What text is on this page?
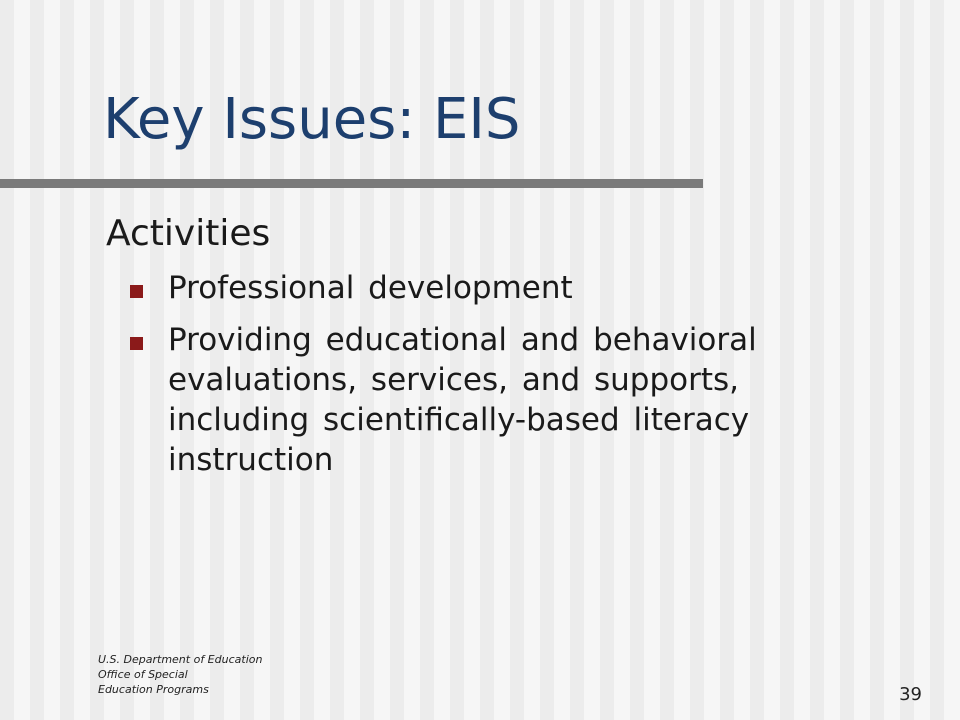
Key Issues: EIS
Activities
Professional development
Providing educational and behavioral evaluations, services, and supports, including scientifically-based literacy instruction
U.S. Department of Education
Office of Special
Education Programs	39
